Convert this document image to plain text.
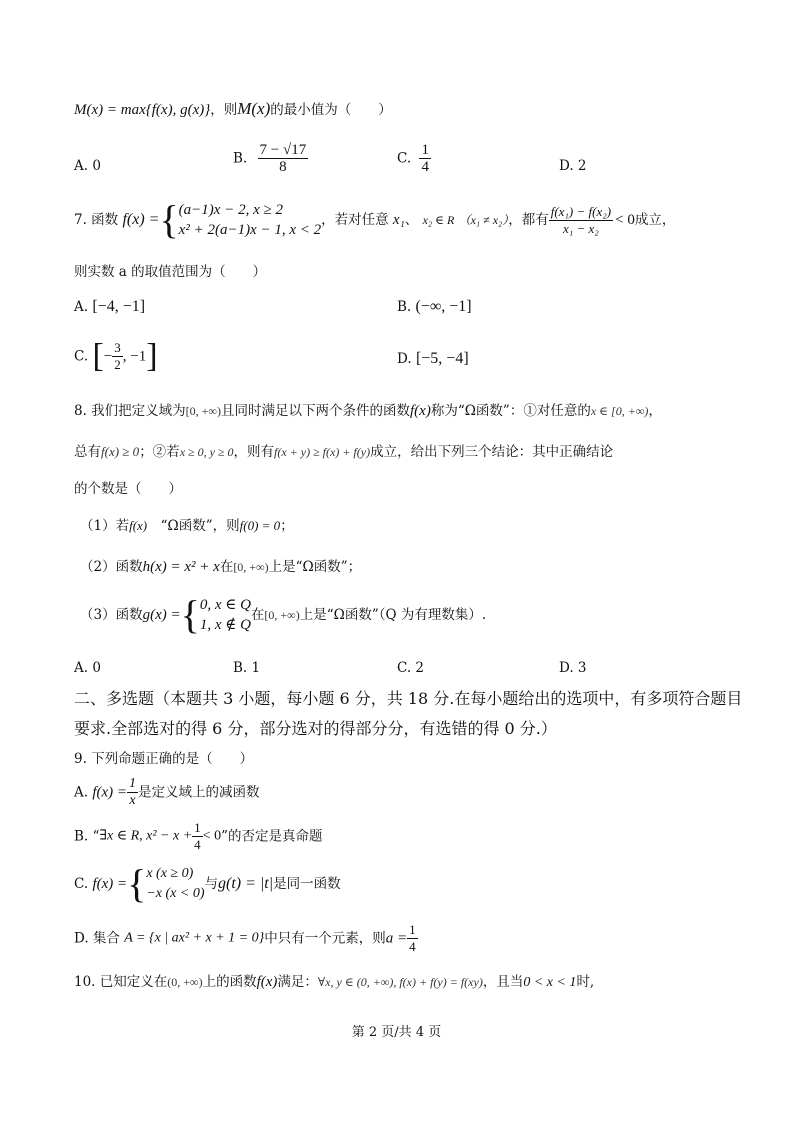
M(x) = max{f(x), g(x)}，则M(x)的最小值为（　　）
A. 0	B. $\frac{7 - √17}{8}$	C. $\frac{1}{4}$	D. 2
7. 函数 f(x) ={ (a−1)x − 2, x ≥ 2
x² + 2(a−1)x − 1, x < 2
，若对任意 x₁、 x₂ ∈ R （x₁ ≠ x₂），都有 $\frac{\text{f(x₁) − f(x₂)}}{\text{x₁ − x₂}} < 0$成立，
则实数 a 的取值范围为（　　）
A. [−4, −1]	B. (−∞, −1]
C. [− $\frac{3}{2}$ , −1]	D. [−5, −4]
8. 我们把定义域为[0, +∞)且同时满足以下两个条件的函数f(x)称为“Ω函数”：①对任意的x ∈ [0, +∞)，
总有f(x) ≥ 0；②若x ≥ 0, y ≥ 0，则有f(x + y) ≥ f(x) + f(y)成立，给出下列三个结论：其中正确结论
的个数是（　　）
（1）若f(x)　 “Ω函数”，则f(0) = 0；
（2）函数h(x) = x² + x在[0, +∞)上是“Ω函数”；
（3）函数g(x) ={ 0, x ∈ Q
1, x ∉ Q
在[0, +∞)上是“Ω函数”（Q 为有理数集）.
A. 0	B. 1	C. 2	D. 3
二、多选题（本题共 3 小题，每小题 6 分，共 18 分.在每小题给出的选项中，有多项符合题目
要求.全部选对的得 6 分，部分选对的得部分分，有选错的得 0 分.）
9. 下列命题正确的是（　　）
A. $f(x) = \frac{1}{x}$ 是定义域上的减函数
B. “∃x ∈ R, $x^2 - x + \frac{1}{4} < 0$”的否定是真命题
C. f(x) ={ x (x ≥ 0)
−x (x < 0)
与g(t) = |t|是同一函数
D. 集合 A = {x | ax² + x + 1 = 0}中只有一个元素，则$a = \frac{1}{4}$
10. 已知定义在(0, +∞)上的函数f(x)满足：∀x, y ∈ (0, +∞), f(x) + f(y) = f(xy)，且当0 < x < 1时,
第 2 页/共 4 页
